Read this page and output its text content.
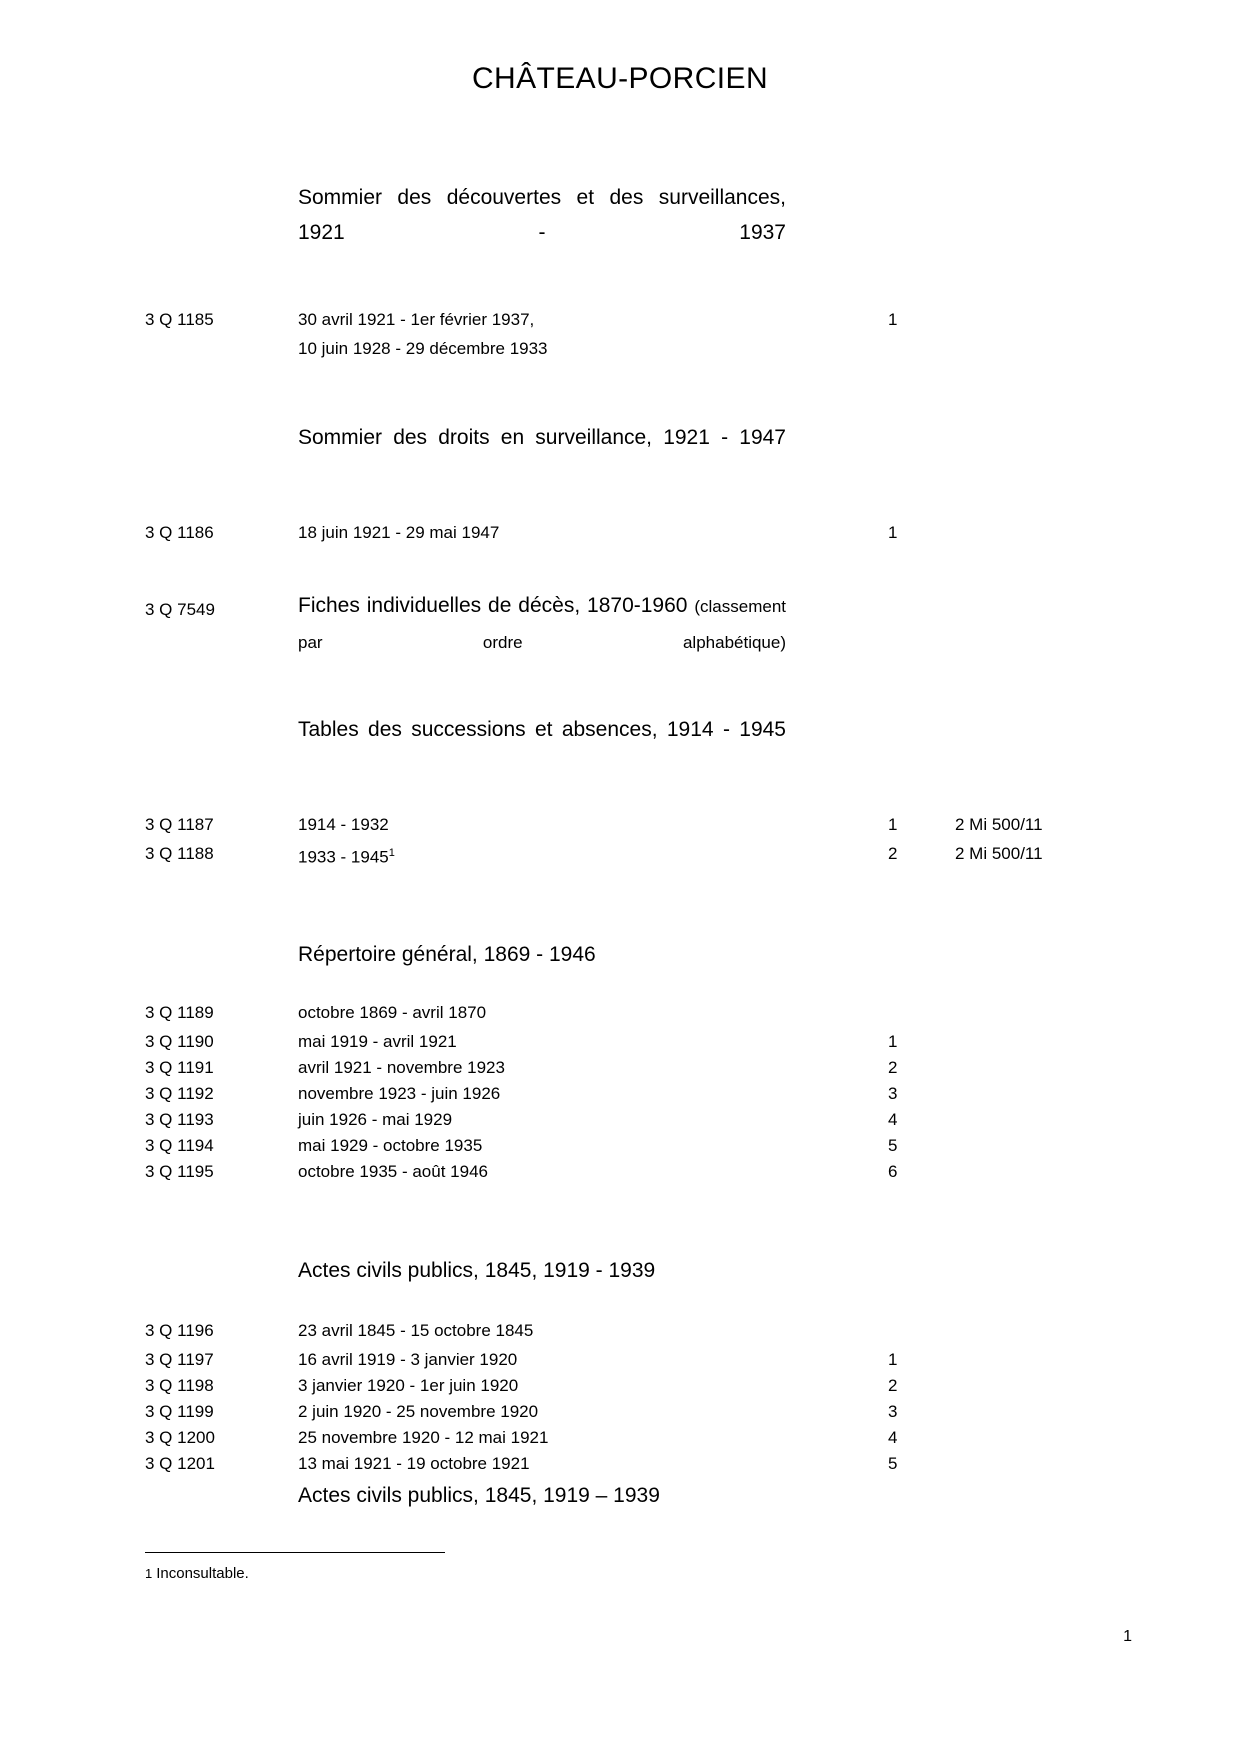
CHÂTEAU-PORCIEN
Sommier des découvertes et des surveillances, 1921 - 1937
3 Q 1185	30 avril 1921 - 1er février 1937,	1
10 juin 1928 - 29 décembre 1933
Sommier des droits en surveillance, 1921 - 1947
3 Q 1186	18 juin 1921 - 29 mai 1947	1
3 Q 7549	Fiches individuelles de décès, 1870-1960 (classement par ordre alphabétique)
Tables des successions et absences, 1914 - 1945
3 Q 1187	1914 - 1932	1	2 Mi 500/11
3 Q 1188	1933 - 1945$^1$	2	2 Mi 500/11
Répertoire général, 1869 - 1946
3 Q 1189	octobre 1869 - avril 1870
3 Q 1190	mai 1919 - avril 1921	1
3 Q 1191	avril 1921 - novembre 1923	2
3 Q 1192	novembre 1923 - juin 1926	3
3 Q 1193	juin 1926 - mai 1929	4
3 Q 1194	mai 1929 - octobre 1935	5
3 Q 1195	octobre 1935 - août 1946	6
Actes civils publics, 1845, 1919 - 1939
3 Q 1196	23 avril 1845 - 15 octobre 1845
3 Q 1197	16 avril 1919 - 3 janvier 1920	1
3 Q 1198	3 janvier 1920 - 1er juin 1920	2
3 Q 1199	2 juin 1920 - 25 novembre 1920	3
3 Q 1200	25 novembre 1920 - 12 mai 1921	4
3 Q 1201	13 mai 1921 - 19 octobre 1921	5
Actes civils publics, 1845, 1919 – 1939
1 Inconsultable.
1
